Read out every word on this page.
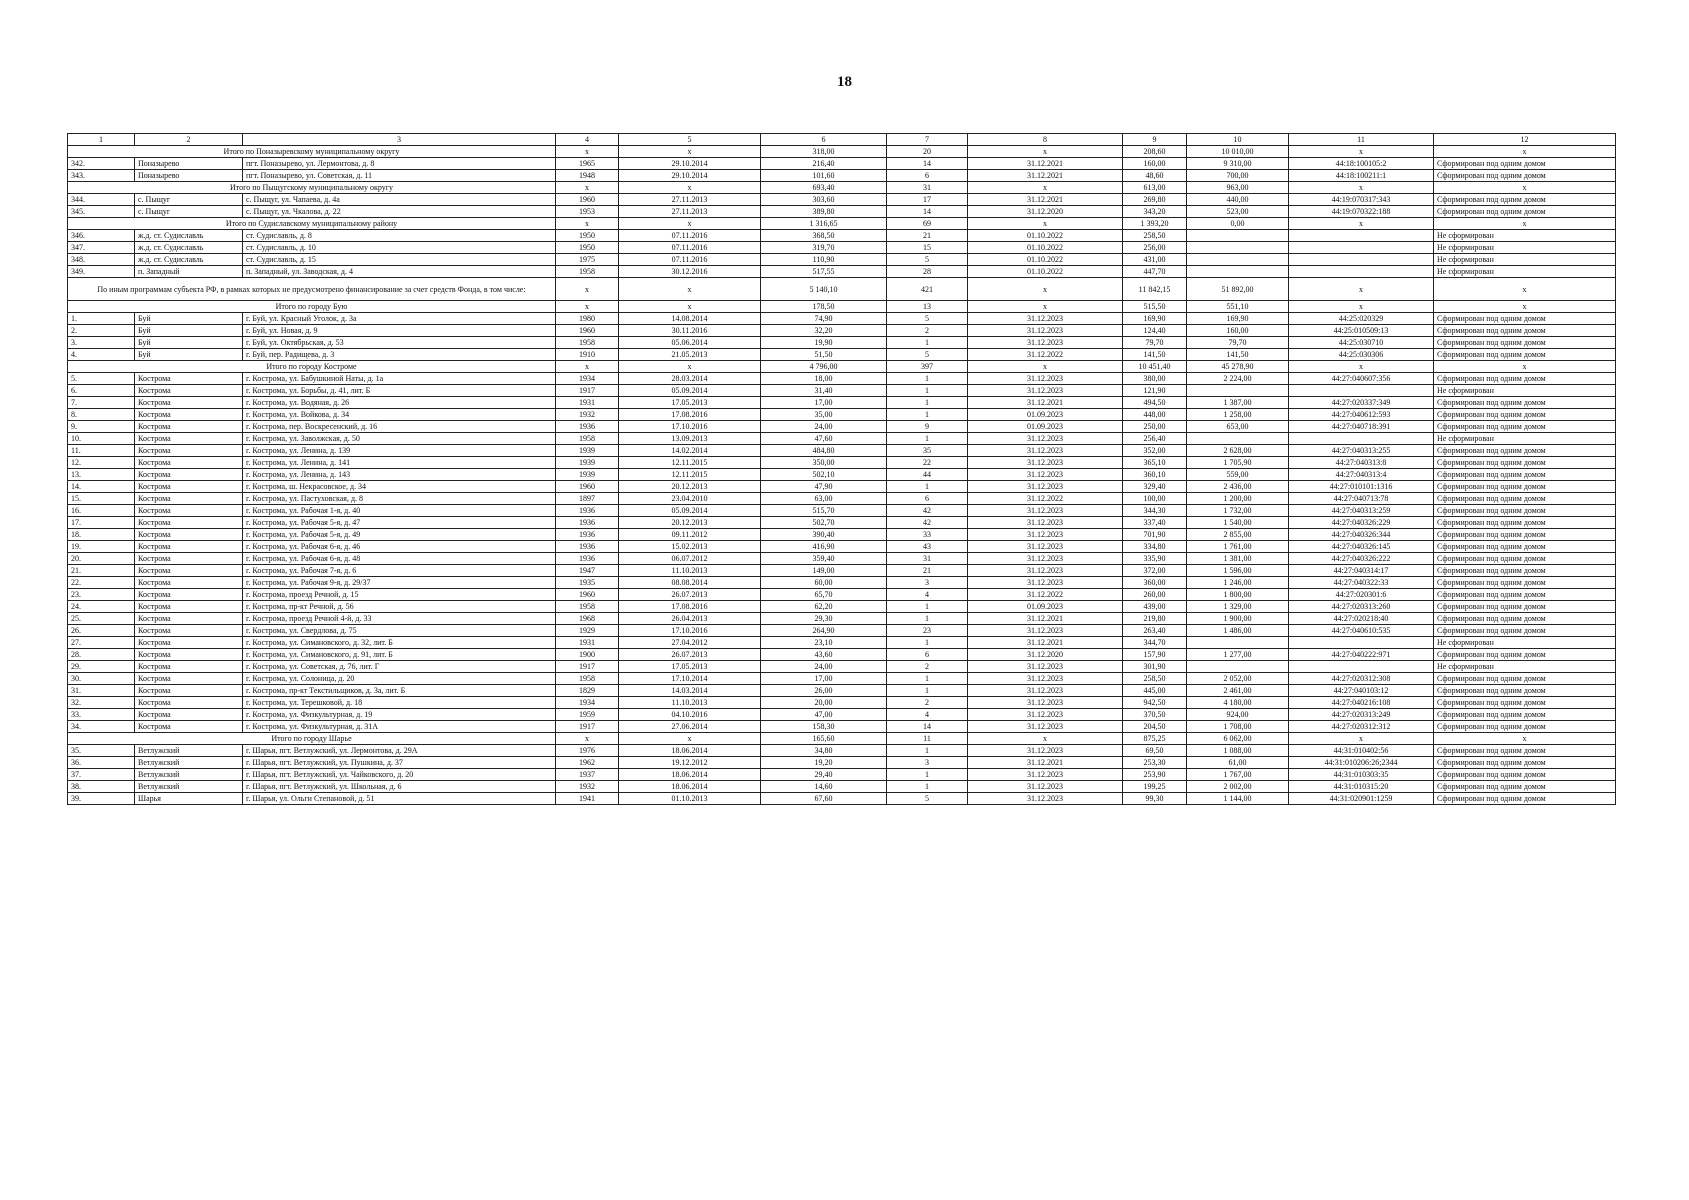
18
1	2	3	4	5	6	7	8	9	10	11	12
Итого по Поназыревскому муниципальному округу			x	x	318,00	20	x	208,60	10 010,00	x	x
342.	Поназырево	пгт. Поназырево, ул. Лермонтова, д. 8	1965	29.10.2014	216,40	14	31.12.2021	160,00	9 310,00	44:18:100105:2	Сформирован под одним домом
343.	Поназырево	пгт. Поназырево, ул. Советская, д. 11	1948	29.10.2014	101,60	6	31.12.2021	48,60	700,00	44:18:100211:1	Сформирован под одним домом
Итого по Пыщугскому муниципальному округу			x	x	693,40	31	x	613,00	963,00	x	x
344.	с. Пыщуг	с. Пыщуг, ул. Чапаева, д. 4а	1960	27.11.2013	303,60	17	31.12.2021	269,80	440,00	44:19:070317:343	Сформирован под одним домом
345.	с. Пыщуг	с. Пыщуг, ул. Чкалова, д. 22	1953	27.11.2013	389,80	14	31.12.2020	343,20	523,00	44:19:070322:188	Сформирован под одним домом
Итого по Судиславскому муниципальному району			x	x	1 316,65	69	x	1 393,20	0,00	x	x
346.	ж.д. ст. Судиславль	ст. Судиславль, д. 8	1950	07.11.2016	368,50	21	01.10.2022	258,50			Не сформирован
347.	ж.д. ст. Судиславль	ст. Судиславль, д. 10	1950	07.11.2016	319,70	15	01.10.2022	256,00			Не сформирован
348.	ж.д. ст. Судиславль	ст. Судиславль, д. 15	1975	07.11.2016	110,90	5	01.10.2022	431,00			Не сформирован
349.	п. Западный	п. Западный, ул. Заводская, д. 4	1958	30.12.2016	517,55	28	01.10.2022	447,70			Не сформирован
По иным программам субъекта РФ, в рамках которых не предусмотрено финансирование за счет средств Фонда, в том числе:			x	x	5 140,10	421	x	11 842,15	51 892,00	x	x
Итого по городу Бую			x	x	178,50	13	x	515,50	551,10	x	x
1.	Буй	г. Буй, ул. Красный Уголок, д. 3а	1980	14.08.2014	74,90	5	31.12.2023	169,90	169,90	44:25:020329	Сформирован под одним домом
2.	Буй	г. Буй, ул. Новая, д. 9	1960	30.11.2016	32,20	2	31.12.2023	124,40	160,00	44:25:010509:13	Сформирован под одним домом
3.	Буй	г. Буй, ул. Октябрьская, д. 53	1958	05.06.2014	19,90	1	31.12.2023	79,70	79,70	44:25:030710	Сформирован под одним домом
4.	Буй	г. Буй, пер. Радищева, д. 3	1910	21.05.2013	51,50	5	31.12.2022	141,50	141,50	44:25:030306	Сформирован под одним домом
Итого по городу Костроме			x	x	4 796,00	397	x	10 451,40	45 278,90	x	x
5.	Кострома	г. Кострома, ул. Бабушкиной Наты, д. 1а	1934	28.03.2014	18,00	1	31.12.2023	380,00	2 224,00	44:27:040607:356	Сформирован под одним домом
6.	Кострома	г. Кострома, ул. Борьбы, д. 41, лит. Б	1917	05.09.2014	31,40	1	31.12.2023	121,90			Не сформирован
7.	Кострома	г. Кострома, ул. Водяная, д. 26	1931	17.05.2013	17,00	1	31.12.2021	494,50	1 387,00	44:27:020337:349	Сформирован под одним домом
8.	Кострома	г. Кострома, ул. Войкова, д. 34	1932	17.08.2016	35,00	1	01.09.2023	448,00	1 258,00	44:27:040612:593	Сформирован под одним домом
9.	Кострома	г. Кострома, пер. Воскресенский, д. 16	1936	17.10.2016	24,00	9	01.09.2023	250,00	653,00	44:27:040718:391	Сформирован под одним домом
10.	Кострома	г. Кострома, ул. Заволжская, д. 50	1958	13.09.2013	47,60	1	31.12.2023	256,40			Не сформирован
11.	Кострома	г. Кострома, ул. Ленина, д. 139	1939	14.02.2014	484,80	35	31.12.2023	352,00	2 628,00	44:27:040313:255	Сформирован под одним домом
12.	Кострома	г. Кострома, ул. Ленина, д. 141	1939	12.11.2015	350,00	22	31.12.2023	365,10	1 705,90	44:27:040313:8	Сформирован под одним домом
13.	Кострома	г. Кострома, ул. Ленина, д. 143	1939	12.11.2015	502,10	44	31.12.2023	360,10	559,00	44:27:040313:4	Сформирован под одним домом
14.	Кострома	г. Кострома, ш. Некрасовское, д. 34	1960	20.12.2013	47,90	1	31.12.2023	329,40	2 436,00	44:27:010101:1316	Сформирован под одним домом
15.	Кострома	г. Кострома, ул. Пастуховская, д. 8	1897	23.04.2010	63,00	6	31.12.2022	100,00	1 200,00	44:27:040713:78	Сформирован под одним домом
16.	Кострома	г. Кострома, ул. Рабочая 1-я, д. 40	1936	05.09.2014	515,70	42	31.12.2023	344,30	1 732,00	44:27:040313:259	Сформирован под одним домом
17.	Кострома	г. Кострома, ул. Рабочая 5-я, д. 47	1936	20.12.2013	502,70	42	31.12.2023	337,40	1 540,00	44:27:040326:229	Сформирован под одним домом
18.	Кострома	г. Кострома, ул. Рабочая 5-я, д. 49	1936	09.11.2012	390,40	33	31.12.2023	701,90	2 855,00	44:27:040326:344	Сформирован под одним домом
19.	Кострома	г. Кострома, ул. Рабочая 6-я, д. 46	1936	15.02.2013	416,90	43	31.12.2023	334,80	1 761,00	44:27:040326:145	Сформирован под одним домом
20.	Кострома	г. Кострома, ул. Рабочая 6-я, д. 48	1936	06.07.2012	359,40	31	31.12.2023	335,90	1 381,00	44:27:040326:222	Сформирован под одним домом
21.	Кострома	г. Кострома, ул. Рабочая 7-я, д. 6	1947	11.10.2013	149,00	21	31.12.2023	372,00	1 596,00	44:27:040314:17	Сформирован под одним домом
22.	Кострома	г. Кострома, ул. Рабочая 9-я, д. 29/37	1935	08.08.2014	60,00	3	31.12.2023	360,00	1 246,00	44:27:040322:33	Сформирован под одним домом
23.	Кострома	г. Кострома, проезд Речной, д. 15	1960	26.07.2013	65,70	4	31.12.2022	260,00	1 800,00	44:27:020301:6	Сформирован под одним домом
24.	Кострома	г. Кострома, пр-кт Речной, д. 56	1958	17.08.2016	62,20	1	01.09.2023	439,00	1 329,00	44:27:020313:260	Сформирован под одним домом
25.	Кострома	г. Кострома, проезд Речной 4-й, д. 33	1968	26.04.2013	29,30	1	31.12.2021	219,80	1 900,00	44:27:020218:40	Сформирован под одним домом
26.	Кострома	г. Кострома, ул. Свердлова, д. 75	1929	17.10.2016	264,90	23	31.12.2023	263,40	1 486,00	44:27:040610:535	Сформирован под одним домом
27.	Кострома	г. Кострома, ул. Симановского, д. 32, лит. Б	1931	27.04.2012	23,10	1	31.12.2021	344,70			Не сформирован
28.	Кострома	г. Кострома, ул. Симановского, д. 91, лит. Б	1900	26.07.2013	43,60	6	31.12.2020	157,90	1 277,00	44:27:040222:971	Сформирован под одним домом
29.	Кострома	г. Кострома, ул. Советская, д. 76, лит. Г	1917	17.05.2013	24,00	2	31.12.2023	301,90			Не сформирован
30.	Кострома	г. Кострома, ул. Солоница, д. 20	1958	17.10.2014	17,00	1	31.12.2023	258,50	2 052,00	44:27:020312:308	Сформирован под одним домом
31.	Кострома	г. Кострома, пр-кт Текстильщиков, д. 3а, лит. Б	1829	14.03.2014	26,00	1	31.12.2023	445,00	2 461,00	44:27:040103:12	Сформирован под одним домом
32.	Кострома	г. Кострома, ул. Терешковой, д. 18	1934	11.10.2013	20,00	2	31.12.2023	942,50	4 180,00	44:27:040216:108	Сформирован под одним домом
33.	Кострома	г. Кострома, ул. Физкультурная, д. 19	1959	04.10.2016	47,00	4	31.12.2023	370,50	924,00	44:27:020313:249	Сформирован под одним домом
34.	Кострома	г. Кострома, ул. Физкультурная, д. 31А	1917	27.06.2014	158,30	14	31.12.2023	204,50	1 708,00	44:27:020312:312	Сформирован под одним домом
Итого по городу Шарье			x	x	165,60	11	x	875,25	6 062,00	x	x
35.	Ветлужский	г. Шарья, пгт. Ветлужский, ул. Лермонтова, д. 29А	1976	18.06.2014	34,80	1	31.12.2023	69,50	1 088,00	44:31:010402:56	Сформирован под одним домом
36.	Ветлужский	г. Шарья, пгт. Ветлужский, ул. Пушкина, д. 37	1962	19.12.2012	19,20	3	31.12.2021	253,30	61,00	44:31:010206:26;2344	Сформирован под одним домом
37.	Ветлужский	г. Шарья, пгт. Ветлужский, ул. Чайковского, д. 20	1937	18.06.2014	29,40	1	31.12.2023	253,90	1 767,00	44:31:010303:35	Сформирован под одним домом
38.	Ветлужский	г. Шарья, пгт. Ветлужский, ул. Школьная, д. 6	1932	18.06.2014	14,60	1	31.12.2023	199,25	2 002,00	44:31:010315:20	Сформирован под одним домом
39.	Шарья	г. Шарья, ул. Ольги Степановой, д. 51	1941	01.10.2013	67,60	5	31.12.2023	99,30	1 144,00	44:31:020901:1259	Сформирован под одним домом
